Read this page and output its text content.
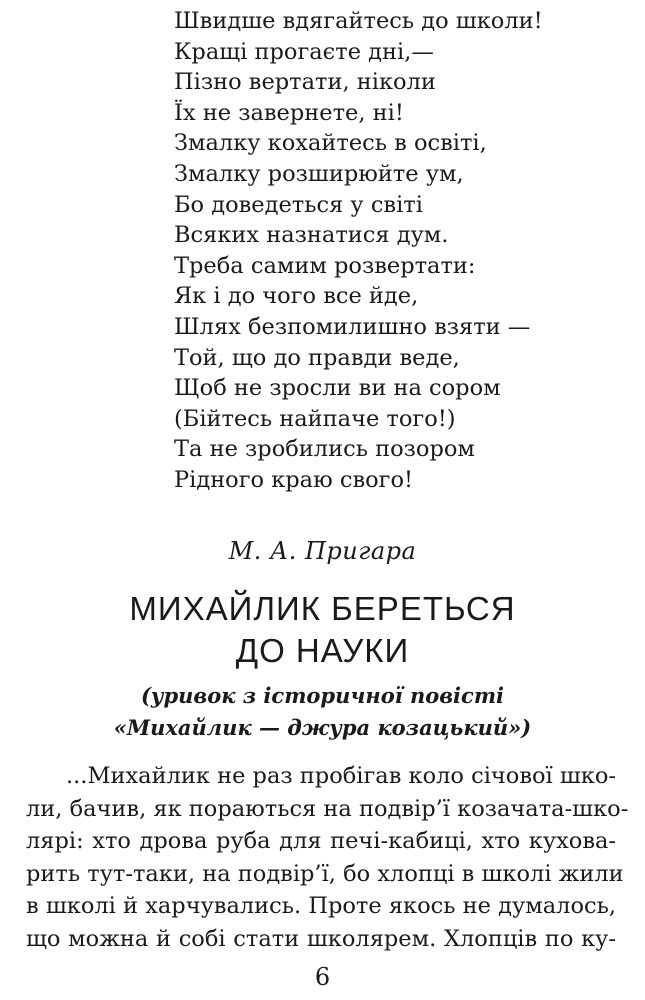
Швидше вдягайтесь до школи!
Кращі прогаєте дні,—
Пізно вертати, ніколи
Їх не завернете, ні!
Змалку кохайтесь в освіті,
Змалку розширюйте ум,
Бо доведеться у світі
Всяких назнатися дум.
Треба самим розвертати:
Як і до чого все йде,
Шлях безпомилишно взяти —
Той, що до правди веде,
Щоб не зросли ви на сором
(Бійтесь найпаче того!)
Та не зробились позором
Рідного краю свого!
М. А. Пригара
МИХАЙЛИК БЕРЕТЬСЯ
ДО НАУКИ
(уривок з історичної повісті
«Михайлик — джура козацький»)
...Михайлик не раз пробігав коло січової шко-
ли, бачив, як пораються на подвір’ї козачата-шко-
лярі: хто дрова руба для печі-кабиці, хто кухова-
рить тут-таки, на подвір’ї, бо хлопці в школі жили
в школі й харчувались. Проте якось не думалось,
що можна й собі стати школярем. Хлопців по ку-
6
